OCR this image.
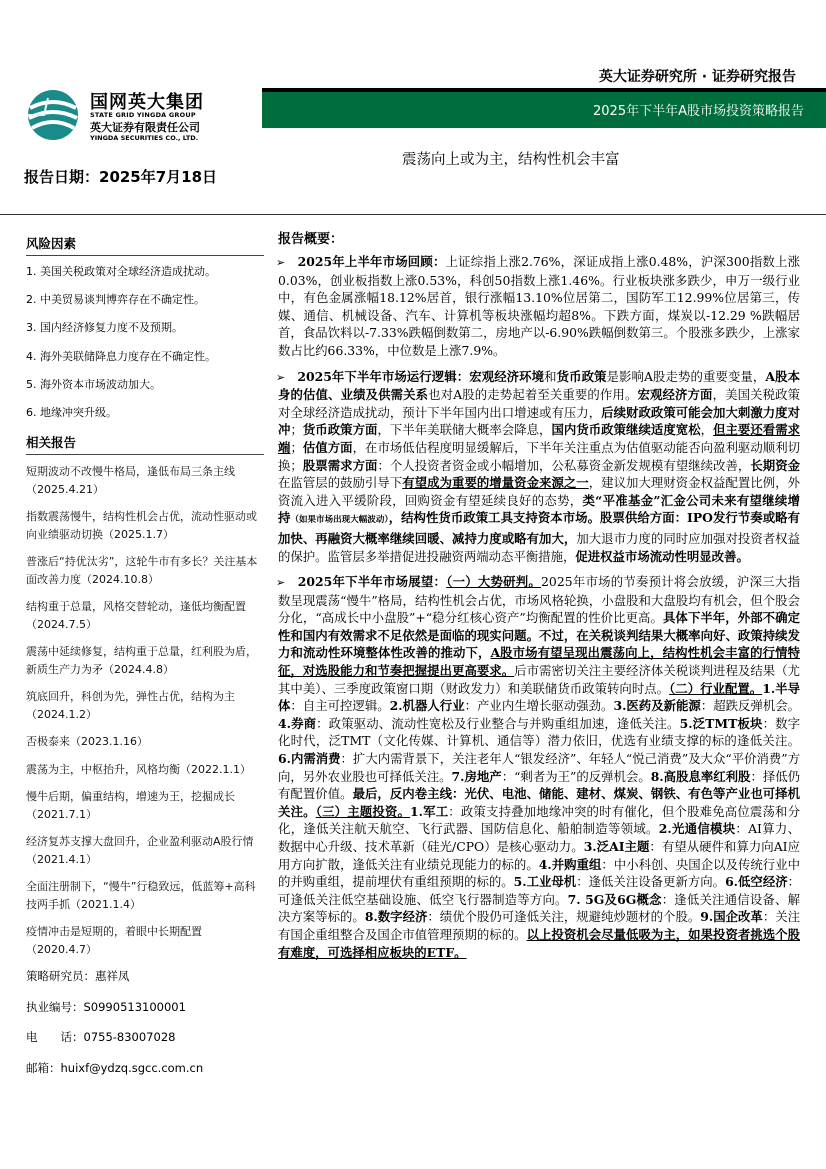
国网英大集团
STATE GRID YINGDA GROUP
英大证券有限责任公司
YINGDA SECURITIES CO., LTD.
英大证券研究所 · 证券研究报告
2025年下半年A股市场投资策略报告
震荡向上或为主，结构性机会丰富
报告日期：2025年7月18日
风险因素

1. 美国关税政策对全球经济造成扰动。

2. 中美贸易谈判博弈存在不确定性。

3. 国内经济修复力度不及预期。

4. 海外美联储降息力度存在不确定性。

5. 海外资本市场波动加大。

6. 地缘冲突升级。

相关报告

短期波动不改慢牛格局，逢低布局三条主线（2025.4.21）

指数震荡慢牛，结构性机会占优，流动性驱动或向业绩驱动切换（2025.1.7）

普涨后“持优汰劣”，这轮牛市有多长？关注基本面改善力度（2024.10.8）

结构重于总量，风格交替轮动，逢低均衡配置（2024.7.5）

震荡中延续修复，结构重于总量，红利股为盾，新质生产力为矛（2024.4.8）

筑底回升，科创为先，弹性占优，结构为主（2024.1.2）

否极泰来（2023.1.16）

震荡为主，中枢抬升，风格均衡（2022.1.1）

慢牛后期，偏重结构，增速为王，挖掘成长（2021.7.1）

经济复苏支撑大盘回升，企业盈利驱动A股行情（2021.4.1）

全面注册制下，“慢牛”行稳致远，低蓝筹+高科技两手抓（2021.1.4）

疫情冲击是短期的，着眼中长期配置（2020.4.7）

策略研究员：惠祥凤

执业编号：S0990513100001

电　　话：0755-83007028

邮箱：huixf@ydzq.sgcc.com.cn

报告概要：

➢ 2025年上半年市场回顾：上证综指上涨2.76%，深证成指上涨0.48%，沪深300指数上涨0.03%，创业板指数上涨0.53%，科创50指数上涨1.46%。行业板块涨多跌少，申万一级行业中，有色金属涨幅18.12%居首，银行涨幅13.10%位居第二，国防军工12.99%位居第三，传媒、通信、机械设备、汽车、计算机等板块涨幅均超8%。下跌方面，煤炭以-12.29 %跌幅居首，食品饮料以-7.33%跌幅倒数第二，房地产以-6.90%跌幅倒数第三。个股涨多跌少，上涨家数占比约66.33%，中位数是上涨7.9%。

➢ 2025年下半年市场运行逻辑：宏观经济环境和货币政策是影响A股走势的重要变量，A股本身的估值、业绩及供需关系也对A股的走势起着至关重要的作用。宏观经济方面，美国关税政策对全球经济造成扰动，预计下半年国内出口增速或有压力，后续财政政策可能会加大刺激力度对冲；货币政策方面，下半年美联储大概率会降息，国内货币政策继续适度宽松，但主要还看需求端；估值方面，在市场低估程度明显缓解后，下半年关注重点为估值驱动能否向盈利驱动顺利切换；股票需求方面：个人投资者资金或小幅增加，公私募资金新发规模有望继续改善，长期资金在监管层的鼓励引导下有望成为重要的增量资金来源之一，建议加大理财资金权益配置比例，外资流入进入平缓阶段，回购资金有望延续良好的态势，类“平准基金”汇金公司未来有望继续增持（如果市场出现大幅波动），结构性货币政策工具支持资本市场。股票供给方面：IPO发行节奏或略有加快、再融资大概率继续回暖、减持力度或略有加大，加大退市力度的同时应加强对投资者权益的保护。监管层多举措促进投融资两端动态平衡措施，促进权益市场流动性明显改善。

➢ 2025年下半年市场展望：（一）大势研判。2025年市场的节奏预计将会放缓，沪深三大指数呈现震荡“慢牛”格局，结构性机会占优，市场风格轮换，小盘股和大盘股均有机会，但个股会分化，“高成长中小盘股”+“稳分红核心资产”均衡配置的性价比更高。具体下半年，外部不确定性和国内有效需求不足依然是面临的现实问题。不过，在关税谈判结果大概率向好、政策持续发力和流动性环境整体性改善的推动下，A股市场有望呈现出震荡向上，结构性机会丰富的行情特征，对选股能力和节奏把握提出更高要求。后市需密切关注主要经济体关税谈判进程及结果（尤其中美）、三季度政策窗口期（财政发力）和美联储货币政策转向时点。（二）行业配置。1.半导体：自主可控逻辑。2.机器人行业：产业内生增长驱动强劲。3.医药及新能源：超跌反弹机会。4.券商：政策驱动、流动性宽松及行业整合与并购重组加速，逢低关注。5.泛TMT板块：数字化时代，泛TMT（文化传媒、计算机、通信等）潜力依旧，优选有业绩支撑的标的逢低关注。6.内需消费：扩大内需背景下，关注老年人“银发经济”、年轻人“悦己消费”及大众“平价消费”方向，另外农业股也可择低关注。7.房地产：“剩者为王”的反弹机会。8.高股息率红利股：择低仍有配置价值。最后，反内卷主线：光伏、电池、储能、建材、煤炭、钢铁、有色等产业也可择机关注。（三）主题投资。1.军工：政策支持叠加地缘冲突的时有催化，但个股难免高位震荡和分化，逢低关注航天航空、飞行武器、国防信息化、船舶制造等领域。2.光通信模块：AI算力、数据中心升级、技术革新（硅光/CPO）是核心驱动力。3.泛AI主题：有望从硬件和算力向AI应用方向扩散，逢低关注有业绩兑现能力的标的。4.并购重组：中小科创、央国企以及传统行业中的并购重组，提前埋伏有重组预期的标的。5.工业母机：逢低关注设备更新方向。6.低空经济：可逢低关注低空基础设施、低空飞行器制造等方向。7. 5G及6G概念：逢低关注通信设备、解决方案等标的。8.数字经济：绩优个股仍可逢低关注，规避纯炒题材的个股。9.国企改革：关注有国企重组整合及国企市值管理预期的标的。以上投资机会尽量低吸为主，如果投资者挑选个股有难度，可选择相应板块的ETF。
